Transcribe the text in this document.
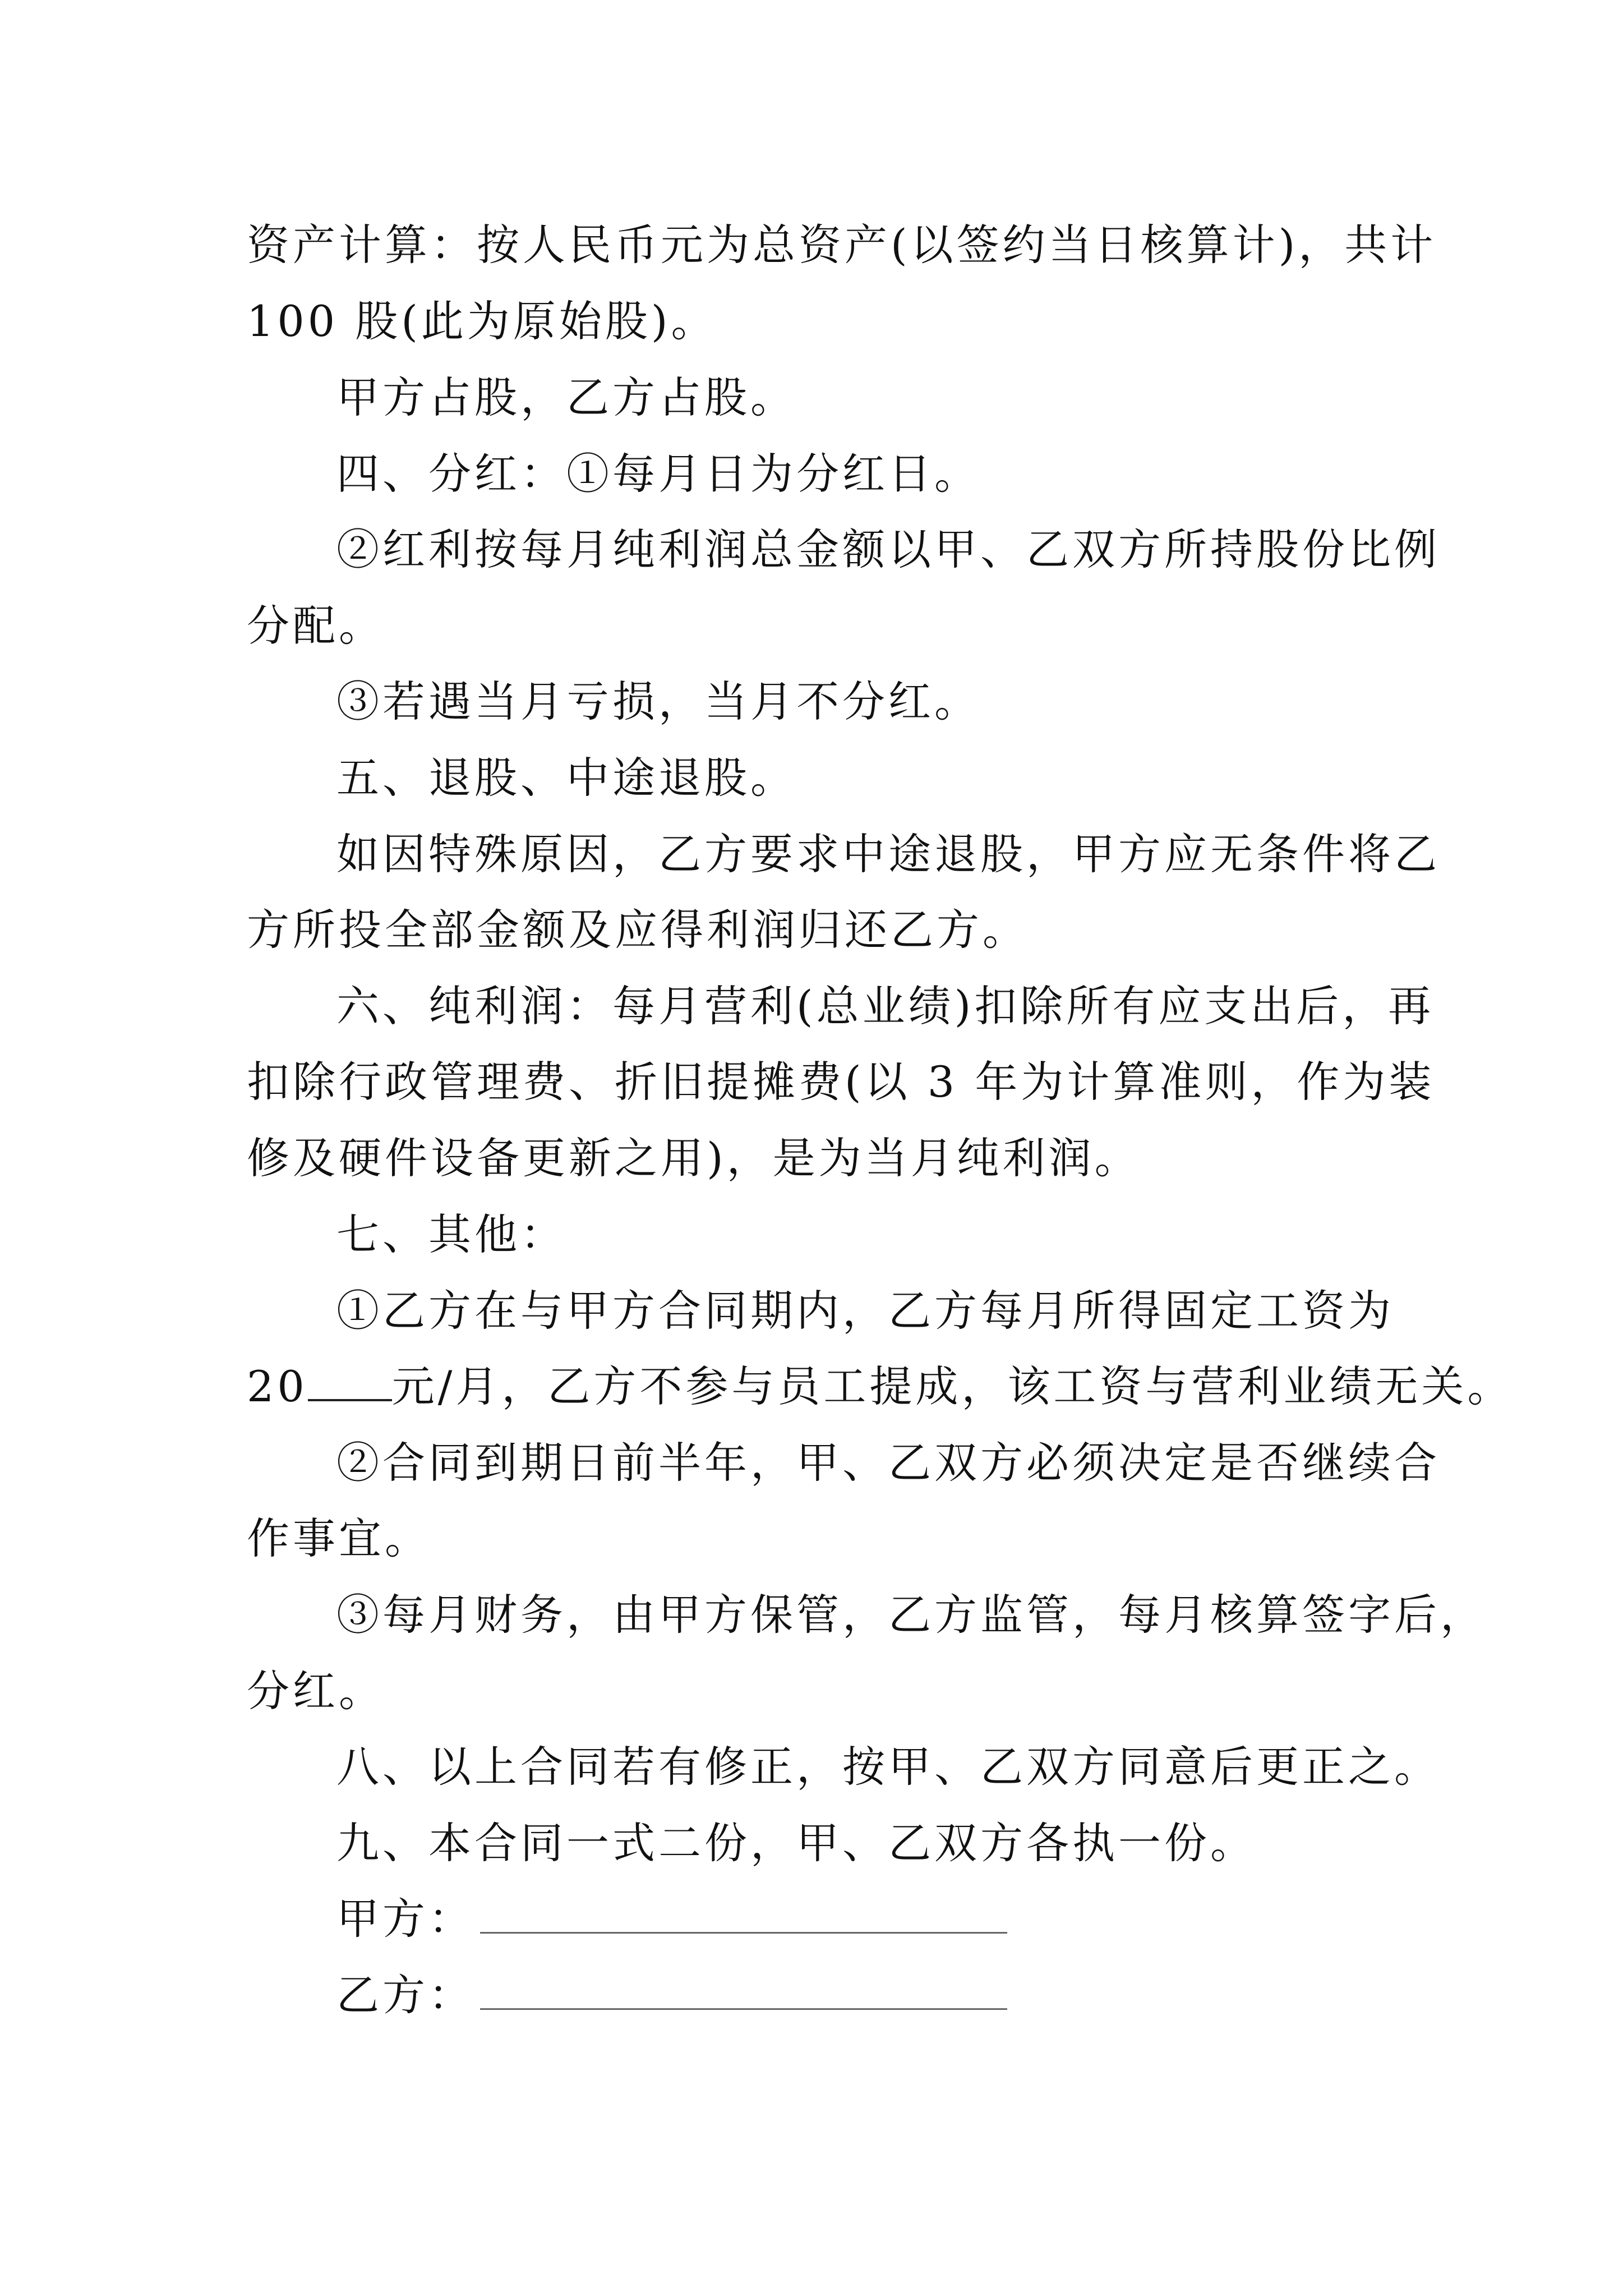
资产计算：按人民币元为总资产(以签约当日核算计)，共计
100 股(此为原始股)。
甲方占股，乙方占股。
四、分红：①每月日为分红日。
②红利按每月纯利润总金额以甲、乙双方所持股份比例
分配。
③若遇当月亏损，当月不分红。
五、退股、中途退股。
如因特殊原因，乙方要求中途退股，甲方应无条件将乙
方所投全部金额及应得利润归还乙方。
六、纯利润：每月营利(总业绩)扣除所有应支出后，再
扣除行政管理费、折旧提摊费(以 3 年为计算准则，作为装
修及硬件设备更新之用)，是为当月纯利润。
七、其他：
①乙方在与甲方合同期内，乙方每月所得固定工资为
20 元/月，乙方不参与员工提成，该工资与营利业绩无关。
②合同到期日前半年，甲、乙双方必须决定是否继续合
作事宜。
③每月财务，由甲方保管，乙方监管，每月核算签字后，
分红。
八、以上合同若有修正，按甲、乙双方同意后更正之。
九、本合同一式二份，甲、乙双方各执一份。
甲方：
乙方：
